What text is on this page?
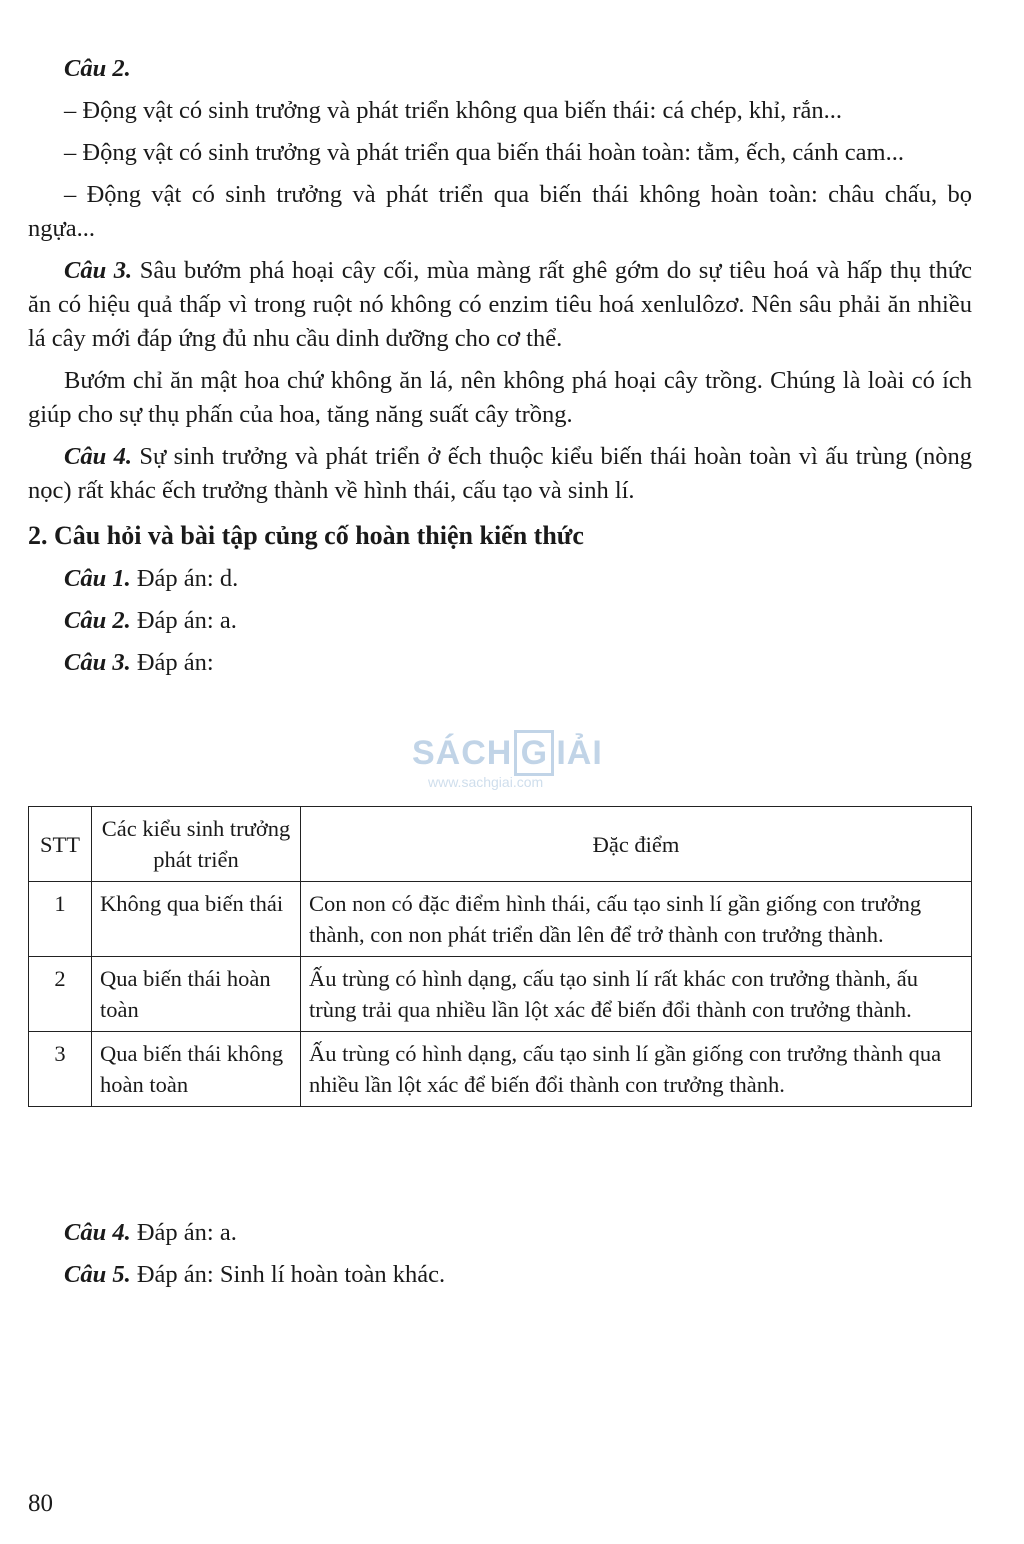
Câu 2.

– Động vật có sinh trưởng và phát triển không qua biến thái: cá chép, khỉ, rắn...

– Động vật có sinh trưởng và phát triển qua biến thái hoàn toàn: tằm, ếch, cánh cam...

– Động vật có sinh trưởng và phát triển qua biến thái không hoàn toàn: châu chấu, bọ ngựa...

Câu 3. Sâu bướm phá hoại cây cối, mùa màng rất ghê gớm do sự tiêu hoá và hấp thụ thức ăn có hiệu quả thấp vì trong ruột nó không có enzim tiêu hoá xenlulôzơ. Nên sâu phải ăn nhiều lá cây mới đáp ứng đủ nhu cầu dinh dưỡng cho cơ thể.

Bướm chỉ ăn mật hoa chứ không ăn lá, nên không phá hoại cây trồng. Chúng là loài có ích giúp cho sự thụ phấn của hoa, tăng năng suất cây trồng.

Câu 4. Sự sinh trưởng và phát triển ở ếch thuộc kiểu biến thái hoàn toàn vì ấu trùng (nòng nọc) rất khác ếch trưởng thành về hình thái, cấu tạo và sinh lí.

2. Câu hỏi và bài tập củng cố hoàn thiện kiến thức

Câu 1. Đáp án: d.

Câu 2. Đáp án: a.

Câu 3. Đáp án:

SÁCH G IẢI
www.sachgiai.com
STT	Các kiểu sinh trưởng phát triển	Đặc điểm
1	Không qua biến thái	Con non có đặc điểm hình thái, cấu tạo sinh lí gần giống con trưởng thành, con non phát triển dần lên để trở thành con trưởng thành.
2	Qua biến thái hoàn toàn	Ấu trùng có hình dạng, cấu tạo sinh lí rất khác con trưởng thành, ấu trùng trải qua nhiều lần lột xác để biến đổi thành con trưởng thành.
3	Qua biến thái không hoàn toàn	Ấu trùng có hình dạng, cấu tạo sinh lí gần giống con trưởng thành qua nhiều lần lột xác để biến đổi thành con trưởng thành.

Câu 4. Đáp án: a.

Câu 5. Đáp án: Sinh lí hoàn toàn khác.

80
